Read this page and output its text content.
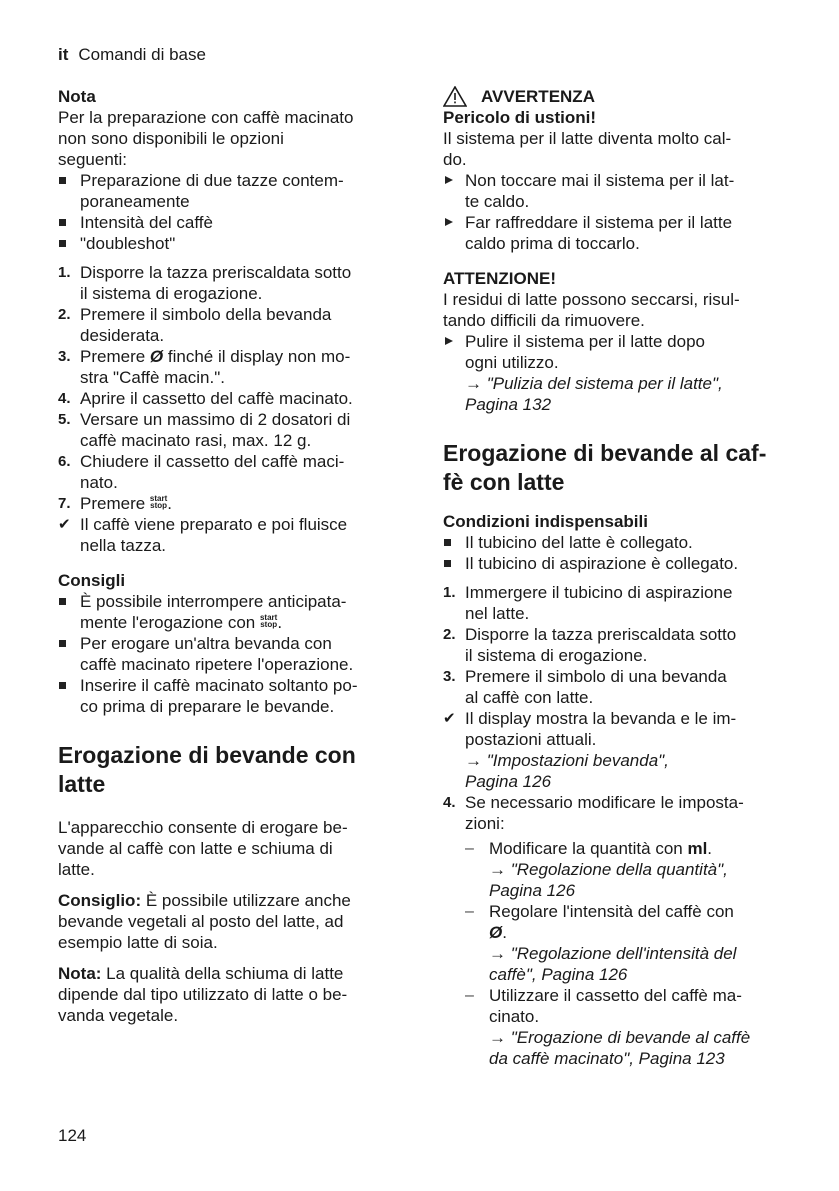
it Comandi di base

Nota

Per la preparazione con caffè macinato
non sono disponibili le opzioni
seguenti:

Preparazione di due tazze contem-
poraneamente
Intensità del caffè
"doubleshot"
1. Disporre la tazza preriscaldata sotto
il sistema di erogazione.
2. Premere il simbolo della bevanda
desiderata.
3. Premere Ø finché il display non mo-
stra "Caffè macin.".
4. Aprire il cassetto del caffè macinato.
5. Versare un massimo di 2 dosatori di
caffè macinato rasi, max. 12 g.
6. Chiudere il cassetto del caffè maci-
nato.
7. Premere start
stop.
✔ Il caffè viene preparato e poi fluisce
nella tazza.

Consigli

È possibile interrompere anticipata-
mente l'erogazione con start
stop.
Per erogare un'altra bevanda con
caffè macinato ripetere l'operazione.
Inserire il caffè macinato soltanto po-
co prima di preparare le bevande.

Erogazione di bevande con
latte

L'apparecchio consente di erogare be-
vande al caffè con latte e schiuma di
latte.

Consiglio: È possibile utilizzare anche
bevande vegetali al posto del latte, ad
esempio latte di soia.

Nota: La qualità della schiuma di latte
dipende dal tipo utilizzato di latte o be-
vanda vegetale.

AVVERTENZA

Pericolo di ustioni!

Il sistema per il latte diventa molto cal-
do.

Non toccare mai il sistema per il lat-
te caldo.
Far raffreddare il sistema per il latte
caldo prima di toccarlo.

ATTENZIONE!

I residui di latte possono seccarsi, risul-
tando difficili da rimuovere.

Pulire il sistema per il latte dopo
ogni utilizzo.
→ "Pulizia del sistema per il latte",
Pagina 132

Erogazione di bevande al caf-
fè con latte

Condizioni indispensabili

Il tubicino del latte è collegato.
Il tubicino di aspirazione è collegato.
1. Immergere il tubicino di aspirazione
nel latte.
2. Disporre la tazza preriscaldata sotto
il sistema di erogazione.
3. Premere il simbolo di una bevanda
al caffè con latte.
✔ Il display mostra la bevanda e le im-
postazioni attuali.
→ "Impostazioni bevanda",
Pagina 126
4. Se necessario modificare le imposta-
zioni:
– Modificare la quantità con ml.
→ "Regolazione della quantità",
Pagina 126
– Regolare l'intensità del caffè con
Ø.
→ "Regolazione dell'intensità del
caffè", Pagina 126
– Utilizzare il cassetto del caffè ma-
cinato.
→ "Erogazione di bevande al caffè
da caffè macinato", Pagina 123
124
